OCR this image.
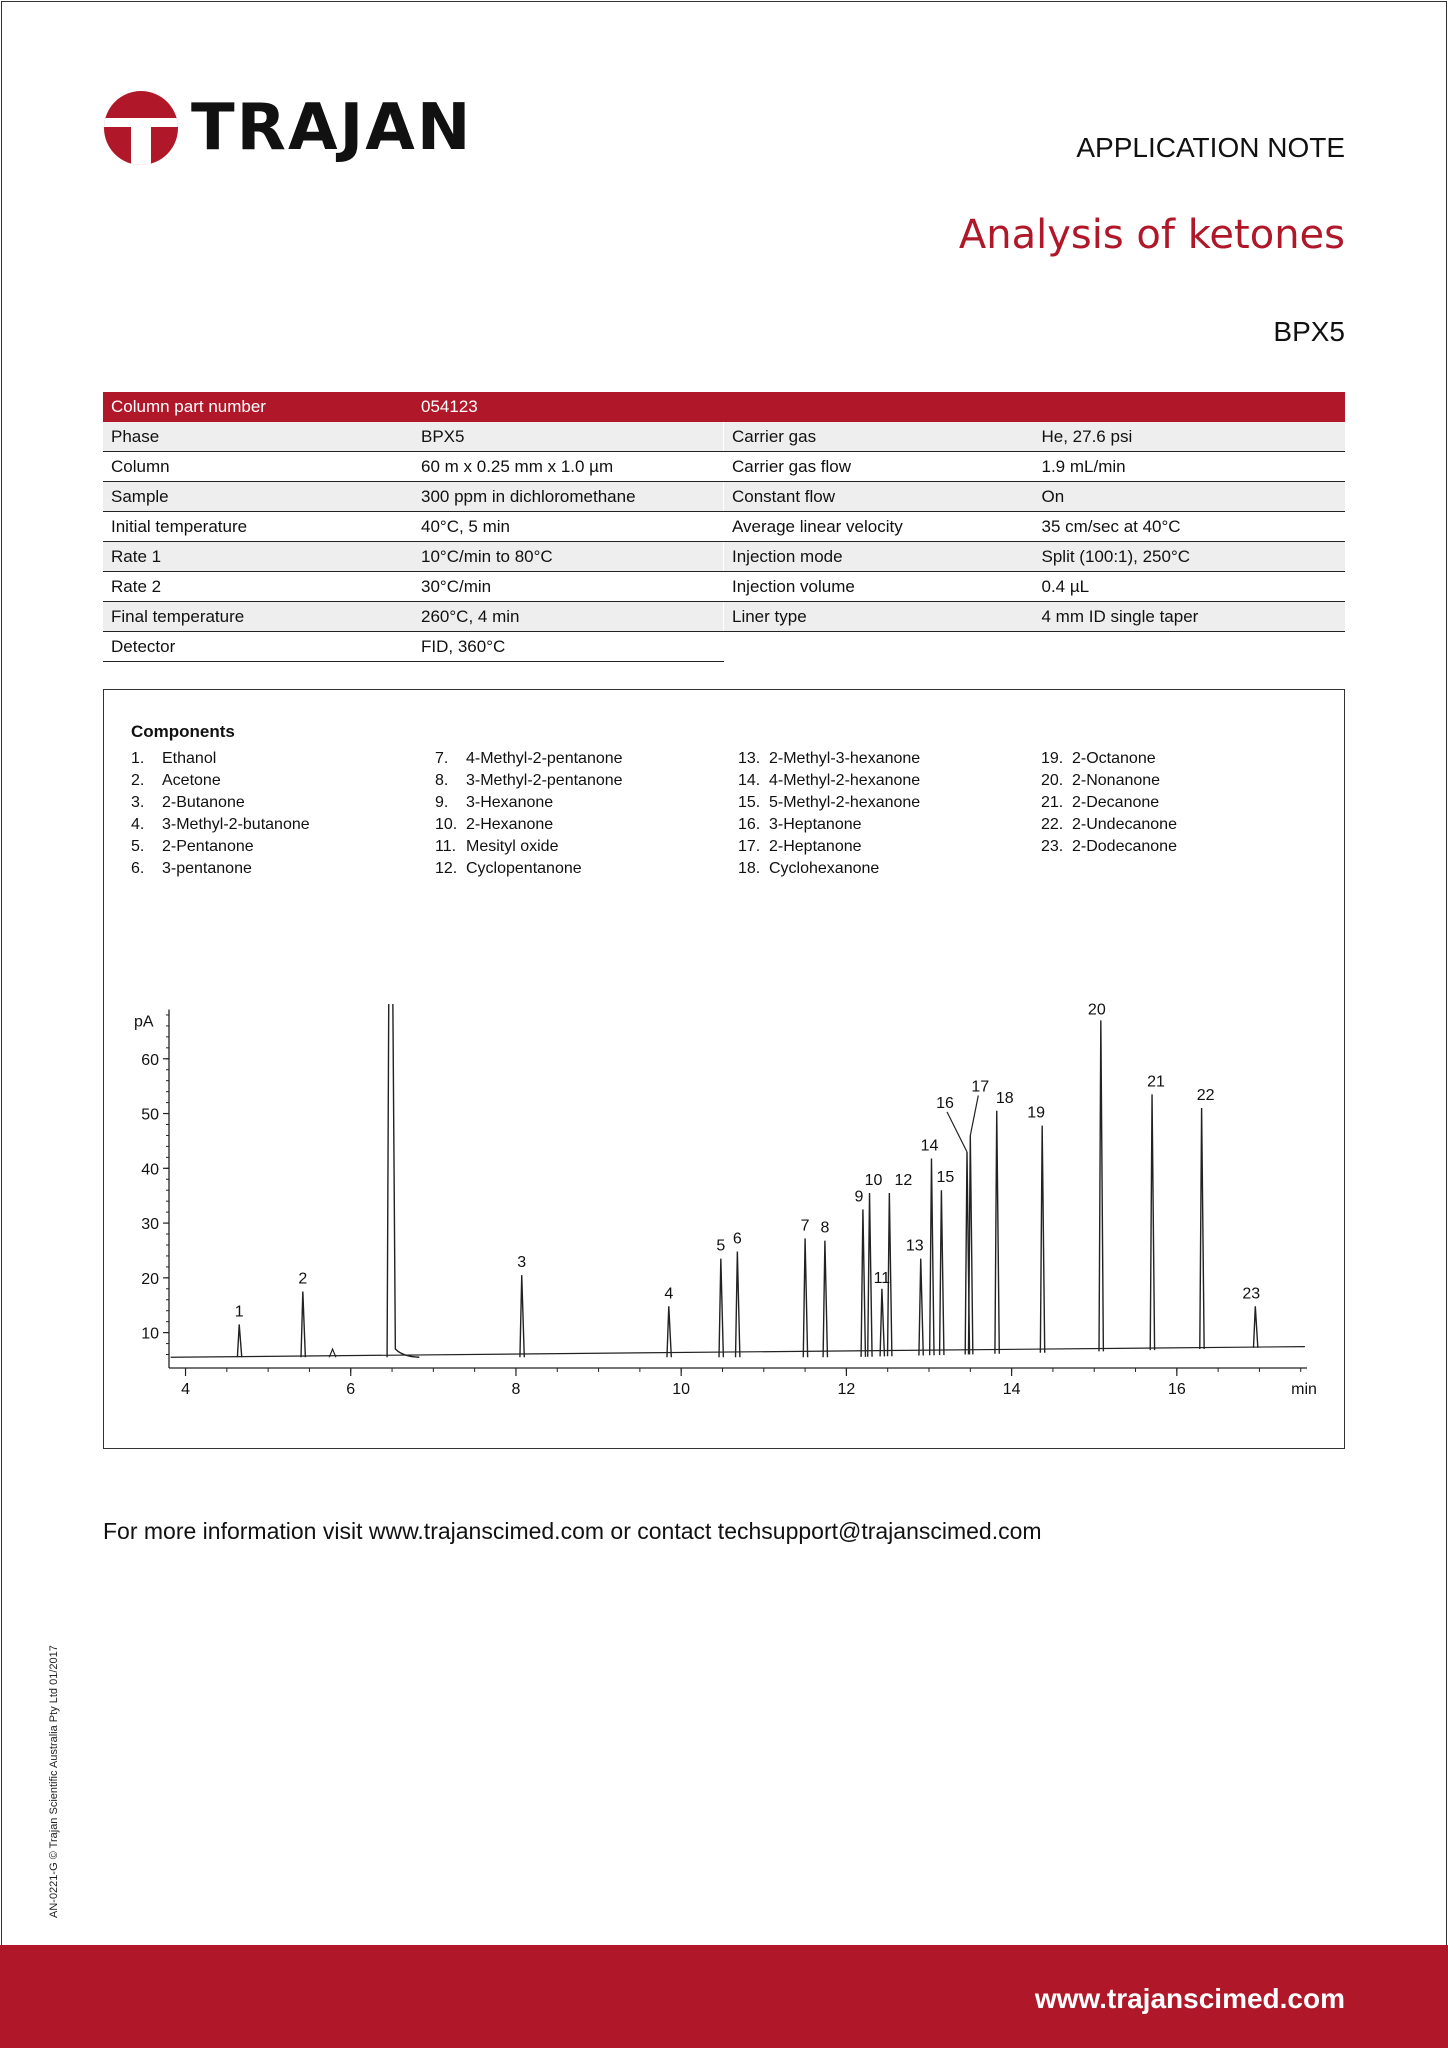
TRAJAN	APPLICATION NOTE
Analysis of ketones
BPX5
Column part number	054123
Phase	BPX5	Carrier gas	He, 27.6 psi
Column	60 m x 0.25 mm x 1.0 µm	Carrier gas flow	1.9 mL/min
Sample	300 ppm in dichloromethane	Constant flow	On
Initial temperature	40°C, 5 min	Average linear velocity	35 cm/sec at 40°C
Rate 1	10°C/min to 80°C	Injection mode	Split (100:1), 250°C
Rate 2	30°C/min	Injection volume	0.4 µL
Final temperature	260°C, 4 min	Liner type	4 mm ID single taper
Detector	FID, 360°C
Components
1.	Ethanol
2.	Acetone
3.	2-Butanone
4.	3-Methyl-2-butanone
5.	2-Pentanone
6.	3-pentanone
7.	4-Methyl-2-pentanone
8.	3-Methyl-2-pentanone
9.	3-Hexanone
10. 2-Hexanone
11. Mesityl oxide
12. Cyclopentanone
13. 2-Methyl-3-hexanone
14. 4-Methyl-2-hexanone
15. 5-Methyl-2-hexanone
16. 3-Heptanone
17. 2-Heptanone
18. Cyclohexanone
19. 2-Octanone
20. 2-Nonanone
21. 2-Decanone
22. 2-Undecanone
23. 2-Dodecanone
10
20
30
40
50
60
pA
4	6	8	10	12	14	16	min
1
2
3
4
5 6
7 8
9
10
11
12
13
14
15
16
17
18
19
20
21
22
23
For more information visit www.trajanscimed.com or contact techsupport@trajanscimed.com
AN-0221-G © Trajan Scientific Australia Pty Ltd 01/2017
www.trajanscimed.com
